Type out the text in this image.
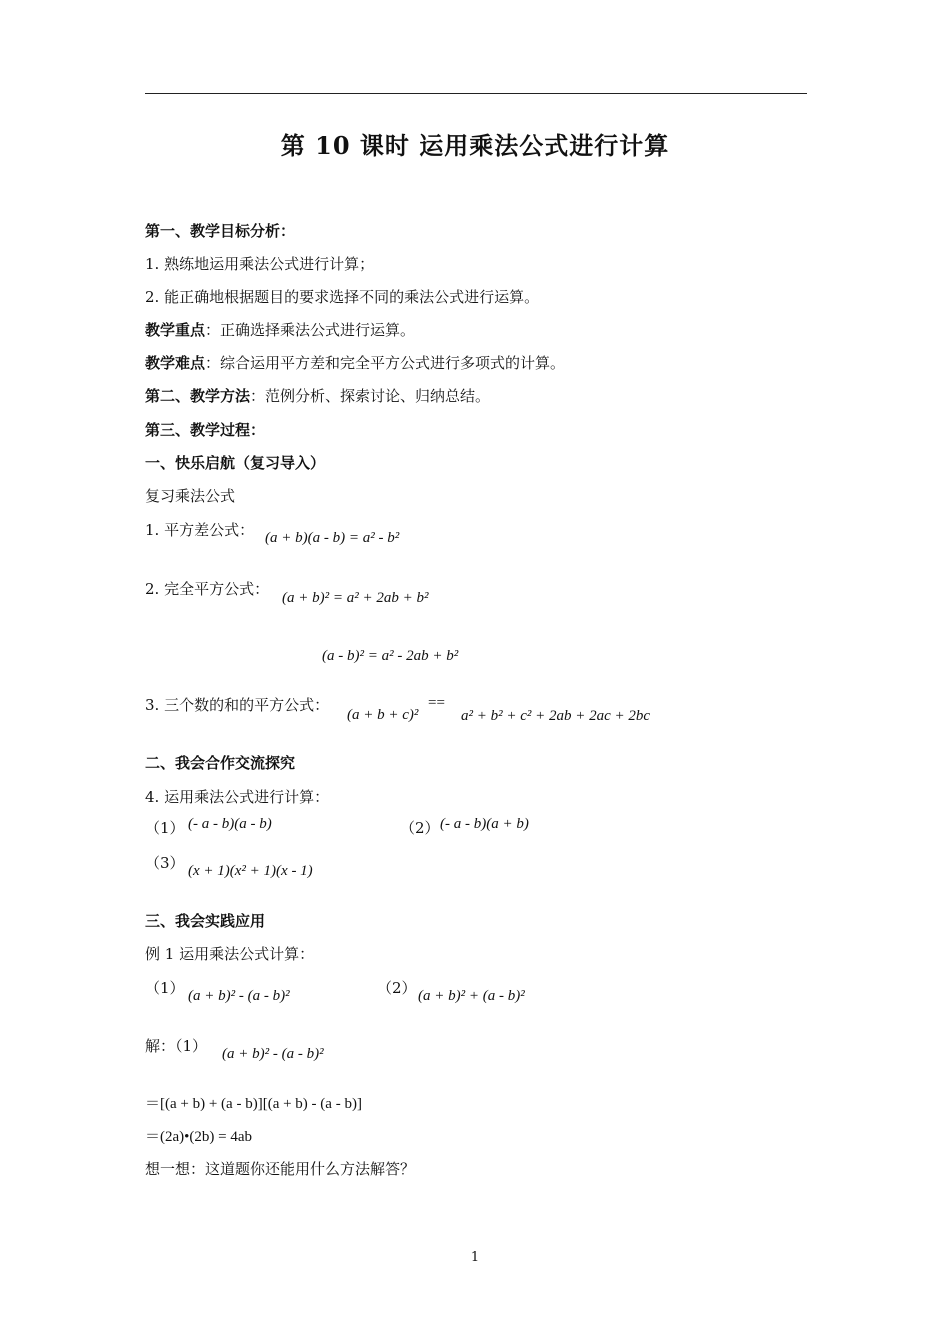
第 10 课时 运用乘法公式进行计算
第一、教学目标分析：
1. 熟练地运用乘法公式进行计算；
2. 能正确地根据题目的要求选择不同的乘法公式进行运算。
教学重点：正确选择乘法公式进行运算。
教学难点：综合运用平方差和完全平方公式进行多项式的计算。
第二、教学方法：范例分析、探索讨论、归纳总结。
第三、教学过程：
一、快乐启航（复习导入）
复习乘法公式
1. 平方差公式： (a + b)(a - b) = a² - b²
2. 完全平方公式： (a + b)² = a² + 2ab + b²
(a - b)² = a² - 2ab + b²
3. 三个数的和的平方公式：
(a + b + c)²
==
a² + b² + c² + 2ab + 2ac + 2bc
二、我会合作交流探究
4. 运用乘法公式进行计算：
（1） (- a - b)(a - b)	（2） (- a - b)(a + b)
（3） (x + 1)(x² + 1)(x - 1)
三、我会实践应用
例 1 运用乘法公式计算：
（1） (a + b)² - (a - b)²	（2） (a + b)² + (a - b)²
解：（1） (a + b)² - (a - b)²
＝[(a + b) + (a - b)][(a + b) - (a - b)]
＝(2a)•(2b) = 4ab
想一想：这道题你还能用什么方法解答？
1
